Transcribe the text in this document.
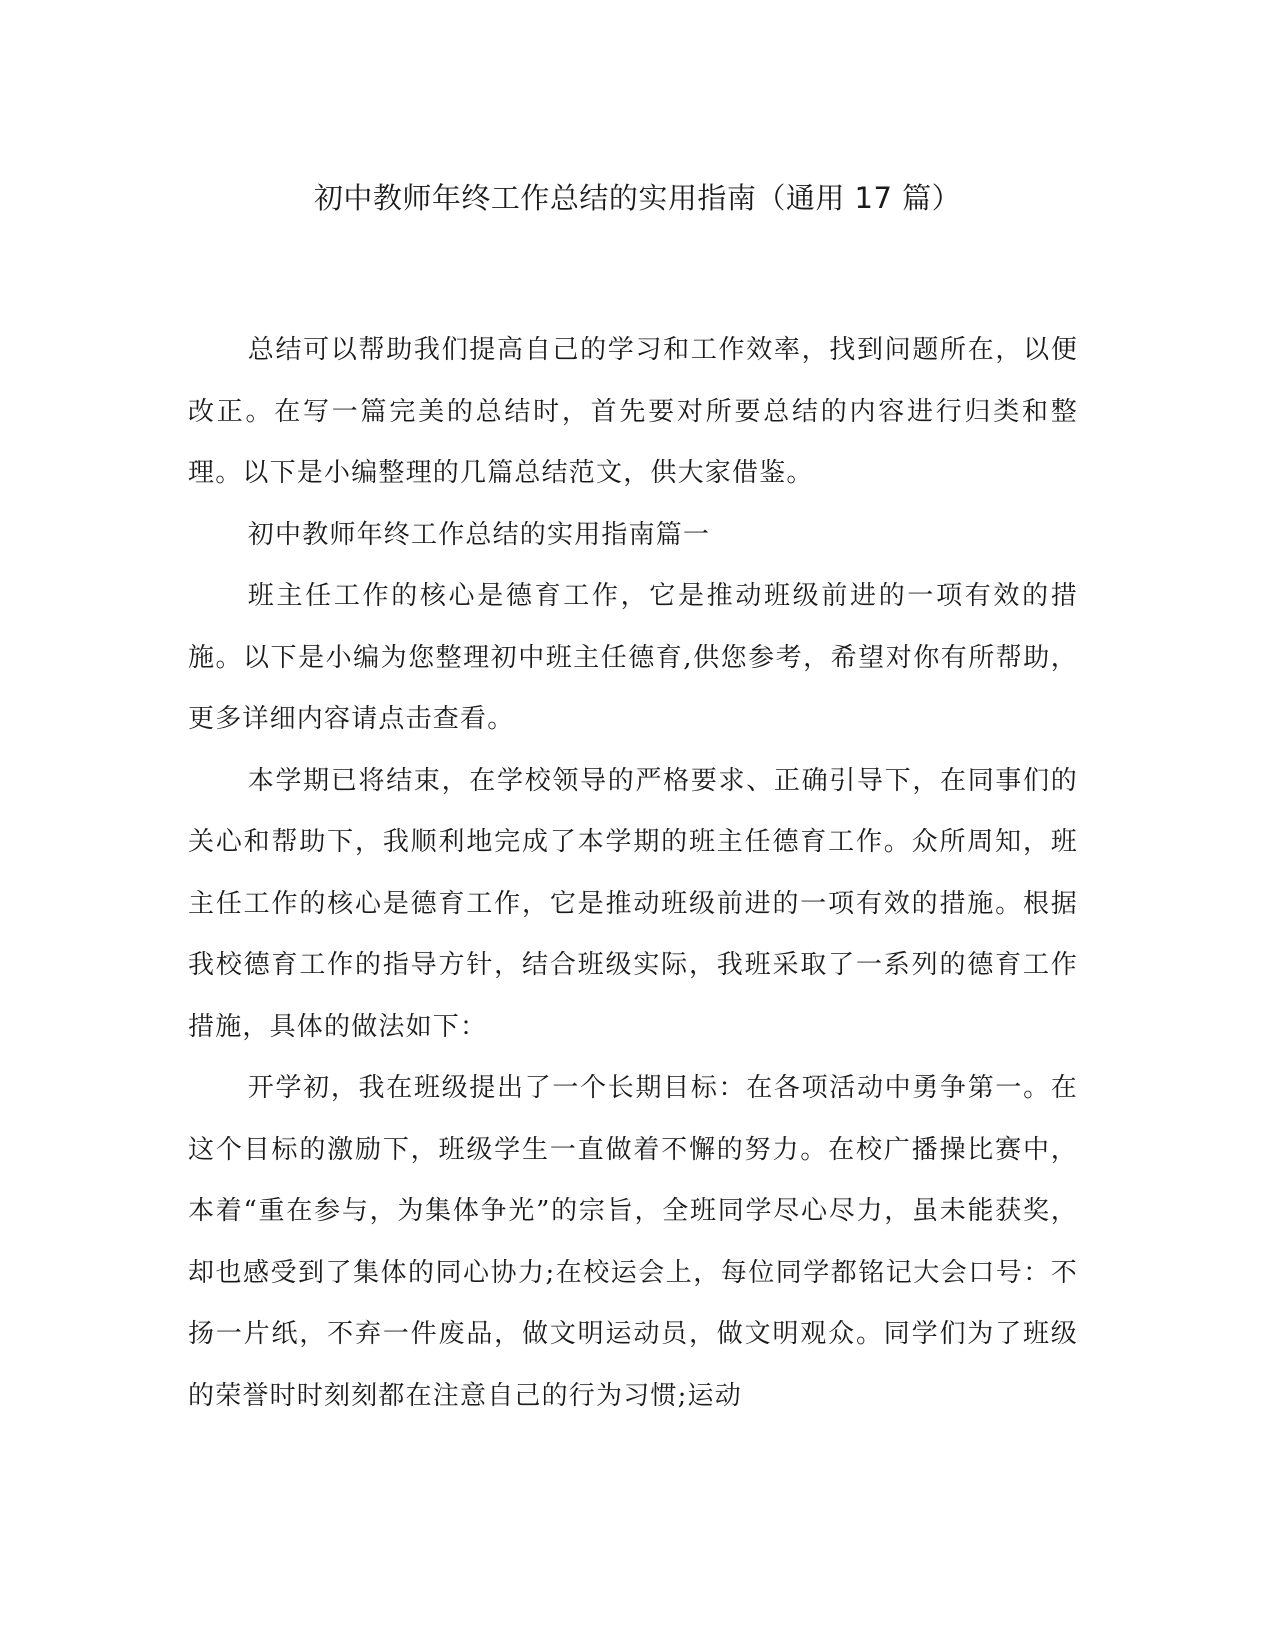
初中教师年终工作总结的实用指南（通用 17 篇）

总结可以帮助我们提高自己的学习和工作效率，找到问题所在，以便改正。在写一篇完美的总结时，首先要对所要总结的内容进行归类和整理。以下是小编整理的几篇总结范文，供大家借鉴。

初中教师年终工作总结的实用指南篇一

班主任工作的核心是德育工作，它是推动班级前进的一项有效的措施。以下是小编为您整理初中班主任德育,供您参考，希望对你有所帮助，更多详细内容请点击查看。

本学期已将结束，在学校领导的严格要求、正确引导下，在同事们的关心和帮助下，我顺利地完成了本学期的班主任德育工作。众所周知，班主任工作的核心是德育工作，它是推动班级前进的一项有效的措施。根据我校德育工作的指导方针，结合班级实际，我班采取了一系列的德育工作措施，具体的做法如下：

开学初，我在班级提出了一个长期目标：在各项活动中勇争第一。在这个目标的激励下，班级学生一直做着不懈的努力。在校广播操比赛中，本着“重在参与，为集体争光”的宗旨，全班同学尽心尽力，虽未能获奖，却也感受到了集体的同心协力;在校运会上，每位同学都铭记大会口号：不扬一片纸，不弃一件废品，做文明运动员，做文明观众。同学们为了班级的荣誉时时刻刻都在注意自己的行为习惯;运动
